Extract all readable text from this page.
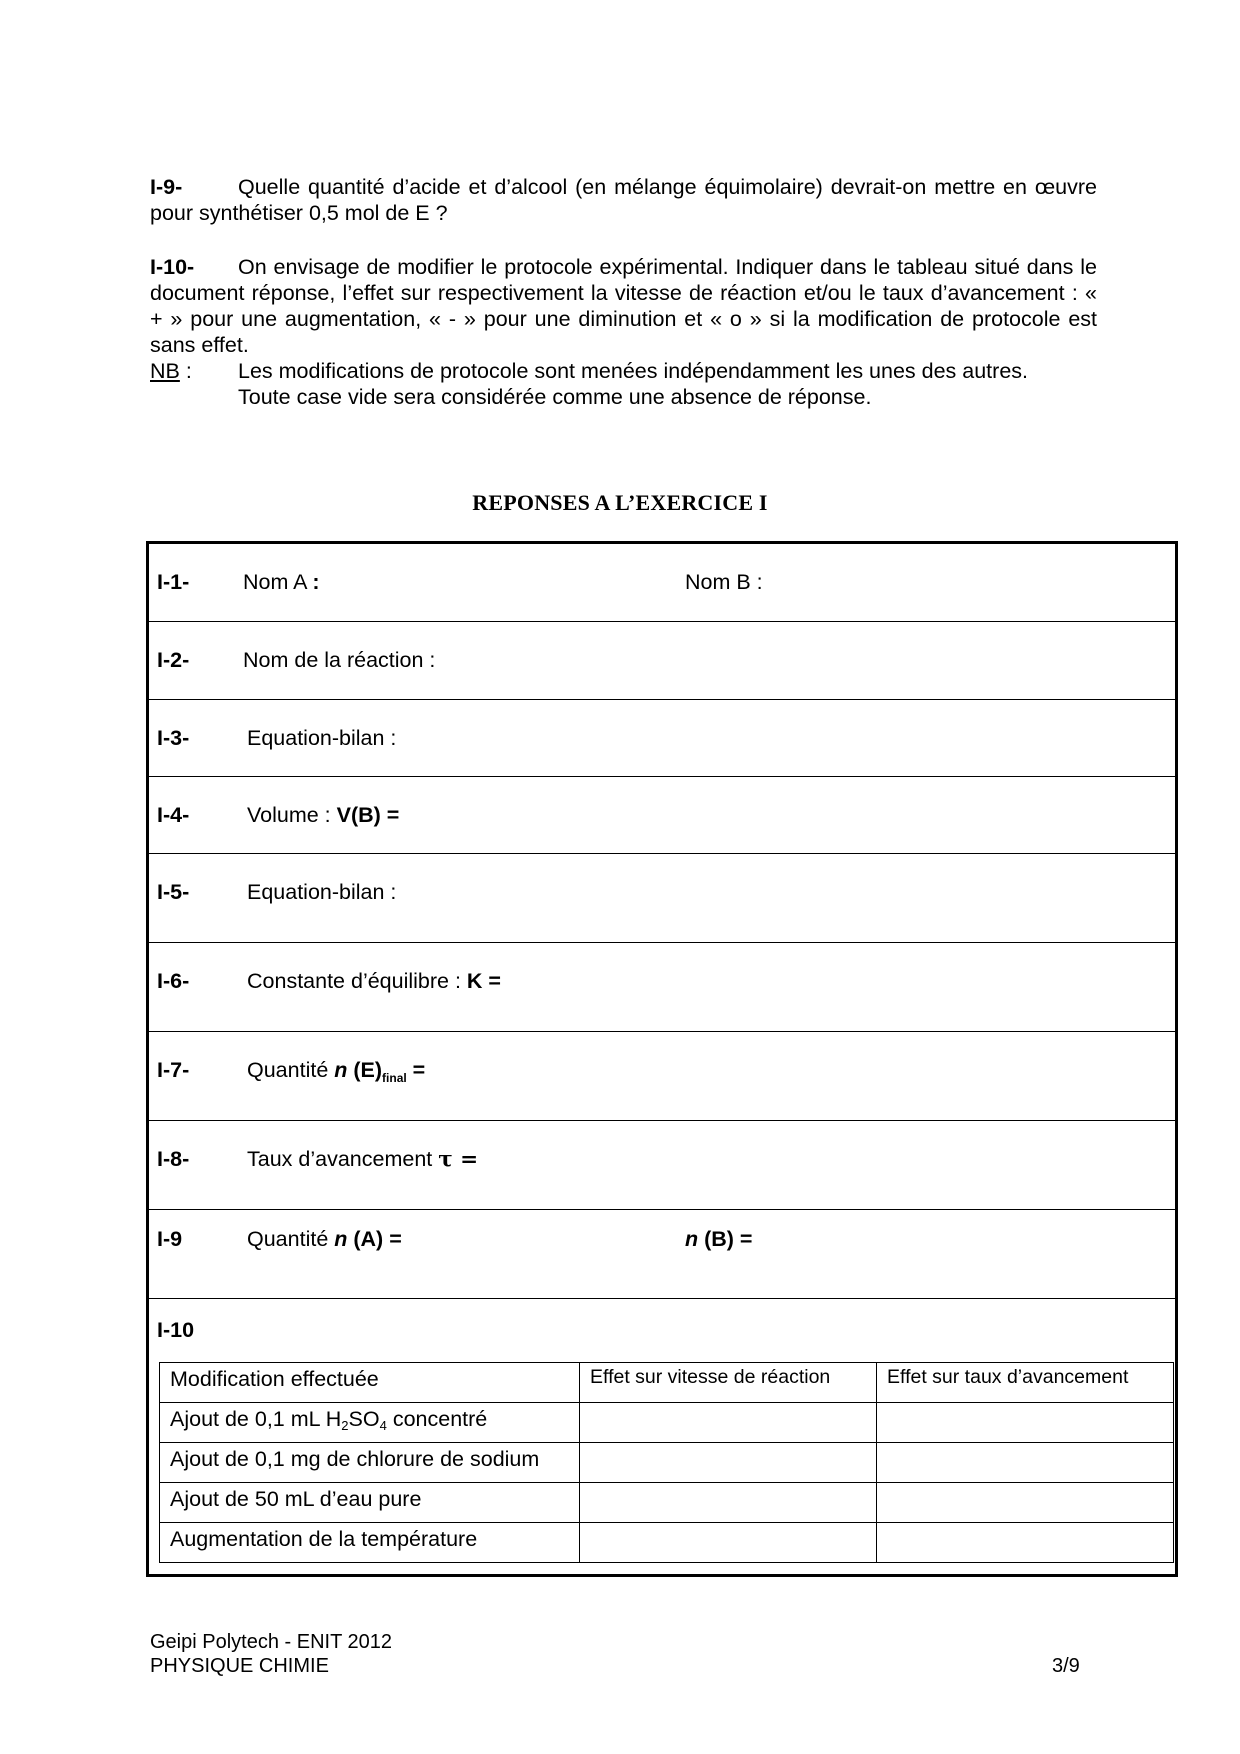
I-9-	Quelle quantité d’acide et d’alcool (en mélange équimolaire) devrait-on mettre en œuvre pour synthétiser 0,5 mol de E ?
I-10- On envisage de modifier le protocole expérimental. Indiquer dans le tableau situé dans le document réponse, l’effet sur respectivement la vitesse de réaction et/ou le taux d’avancement : « + » pour une augmentation, « - » pour une diminution et « o » si la modification de protocole est sans effet.
NB : Les modifications de protocole sont menées indépendamment les unes des autres.
Toute case vide sera considérée comme une absence de réponse.
REPONSES A L’EXERCICE I
I-1-	Nom A :	Nom B :
I-2-	Nom de la réaction :
I-3-	Equation-bilan :
I-4-	Volume : V(B) =
I-5-	Equation-bilan :
I-6-	Constante d’équilibre : K =
I-7-	Quantité n $(E)_{final}$ =
I-8-	Taux d’avancement τ =
I-9	Quantité n (A) =	n (B) =
I-10
Modification effectuée	Effet sur vitesse de réaction	Effet sur taux d’avancement
Ajout de 0,1 mL $H_2SO_4$ concentré		
Ajout de 0,1 mg de chlorure de sodium		
Ajout de 50 mL d’eau pure		
Augmentation de la température		
Geipi Polytech - ENIT 2012
PHYSIQUE CHIMIE	3/9
